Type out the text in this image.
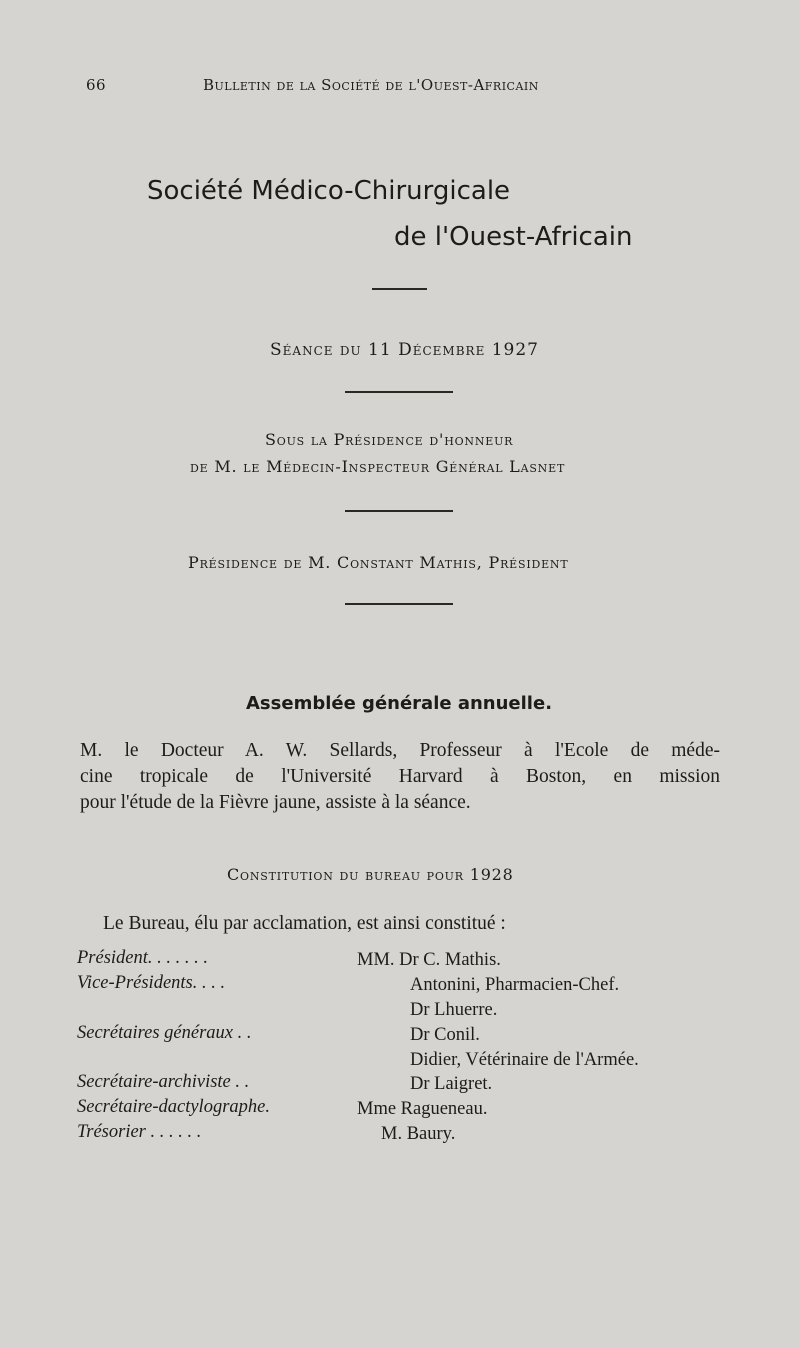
66	Bulletin de la Société de l'Ouest-Africain
Société Médico-Chirurgicale
de l'Ouest-Africain
Séance du 11 Décembre 1927
Sous la Présidence d'honneur
de M. le Médecin-Inspecteur Général Lasnet
Présidence de M. Constant Mathis, Président
Assemblée générale annuelle.
M. le Docteur A. W. Sellards, Professeur à l'Ecole de méde-
cine tropicale de l'Université Harvard à Boston, en mission
pour l'étude de la Fièvre jaune, assiste à la séance.
Constitution du bureau pour 1928
Le Bureau, élu par acclamation, est ainsi constitué :
Président. . . . . . .
Vice-Présidents. . . .
Secrétaires généraux . .
Secrétaire-archiviste . .
Secrétaire-dactylographe.
Trésorier . . . . . .
MM. Dr C. Mathis.
Antonini, Pharmacien-Chef.
Dr Lhuerre.
Dr Conil.
Didier, Vétérinaire de l'Armée.
Dr Laigret.
Mme Ragueneau.
M. Baury.
